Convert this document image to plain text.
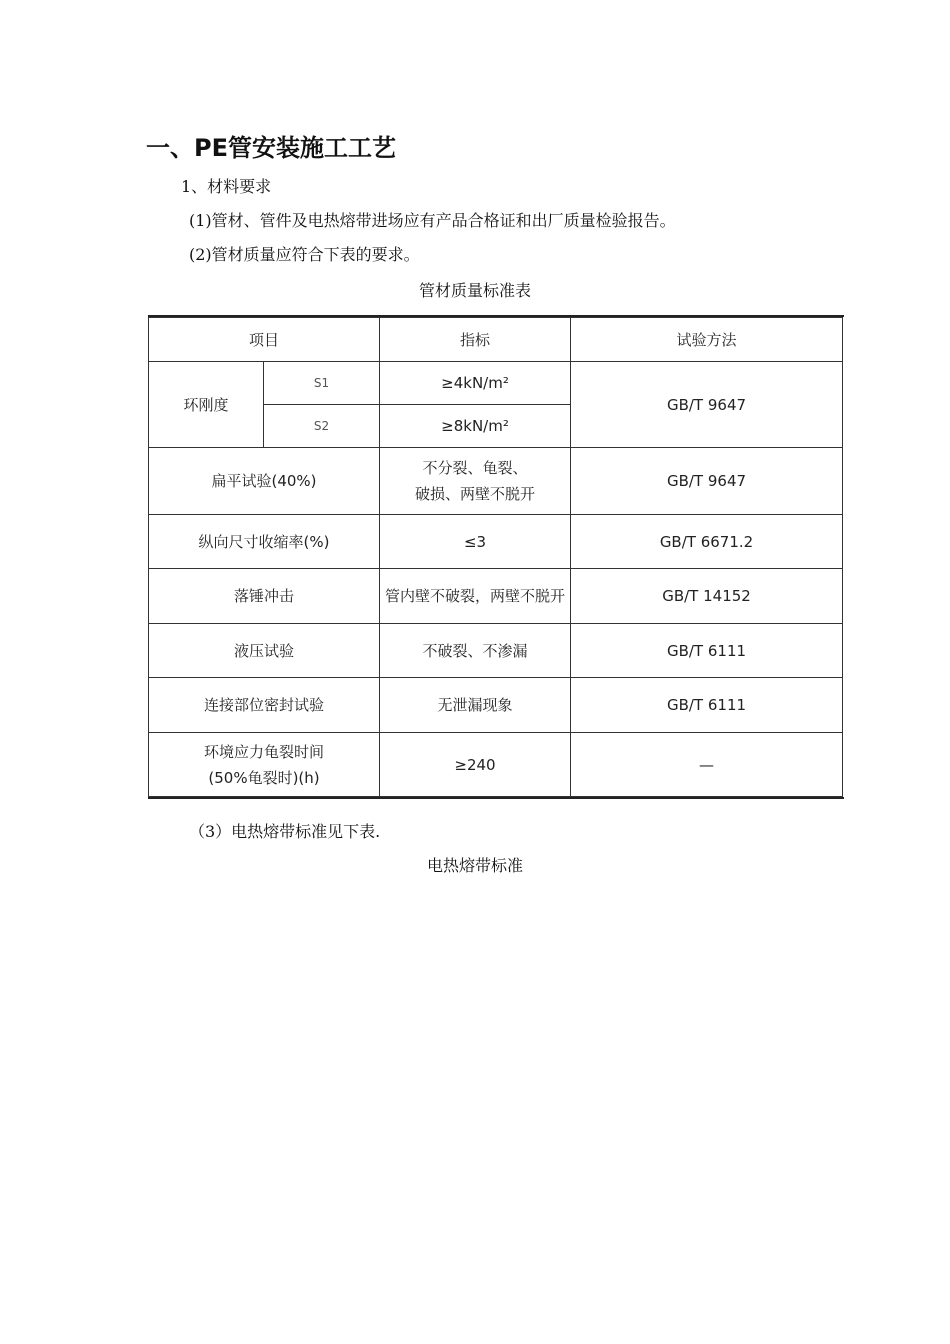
一、PE管安装施工工艺

1、材料要求

(1)管材、管件及电热熔带进场应有产品合格证和出厂质量检验报告。

(2)管材质量应符合下表的要求。

管材质量标准表

项目		指标	试验方法
环刚度	S1	≥4kN/m²	GB/T 9647
	S2	≥8kN/m²	
扁平试验(40%)		不分裂、龟裂、
破损、两壁不脱开	GB/T 9647
纵向尺寸收缩率(%)		≤3	GB/T 6671.2
落锤冲击		管内壁不破裂，两壁不脱开	GB/T 14152
液压试验		不破裂、不渗漏	GB/T 6111
连接部位密封试验		无泄漏现象	GB/T 6111

环境应力龟裂时间
(50%龟裂时)(h)		≥240	—

（3）电热熔带标准见下表.

电热熔带标准
